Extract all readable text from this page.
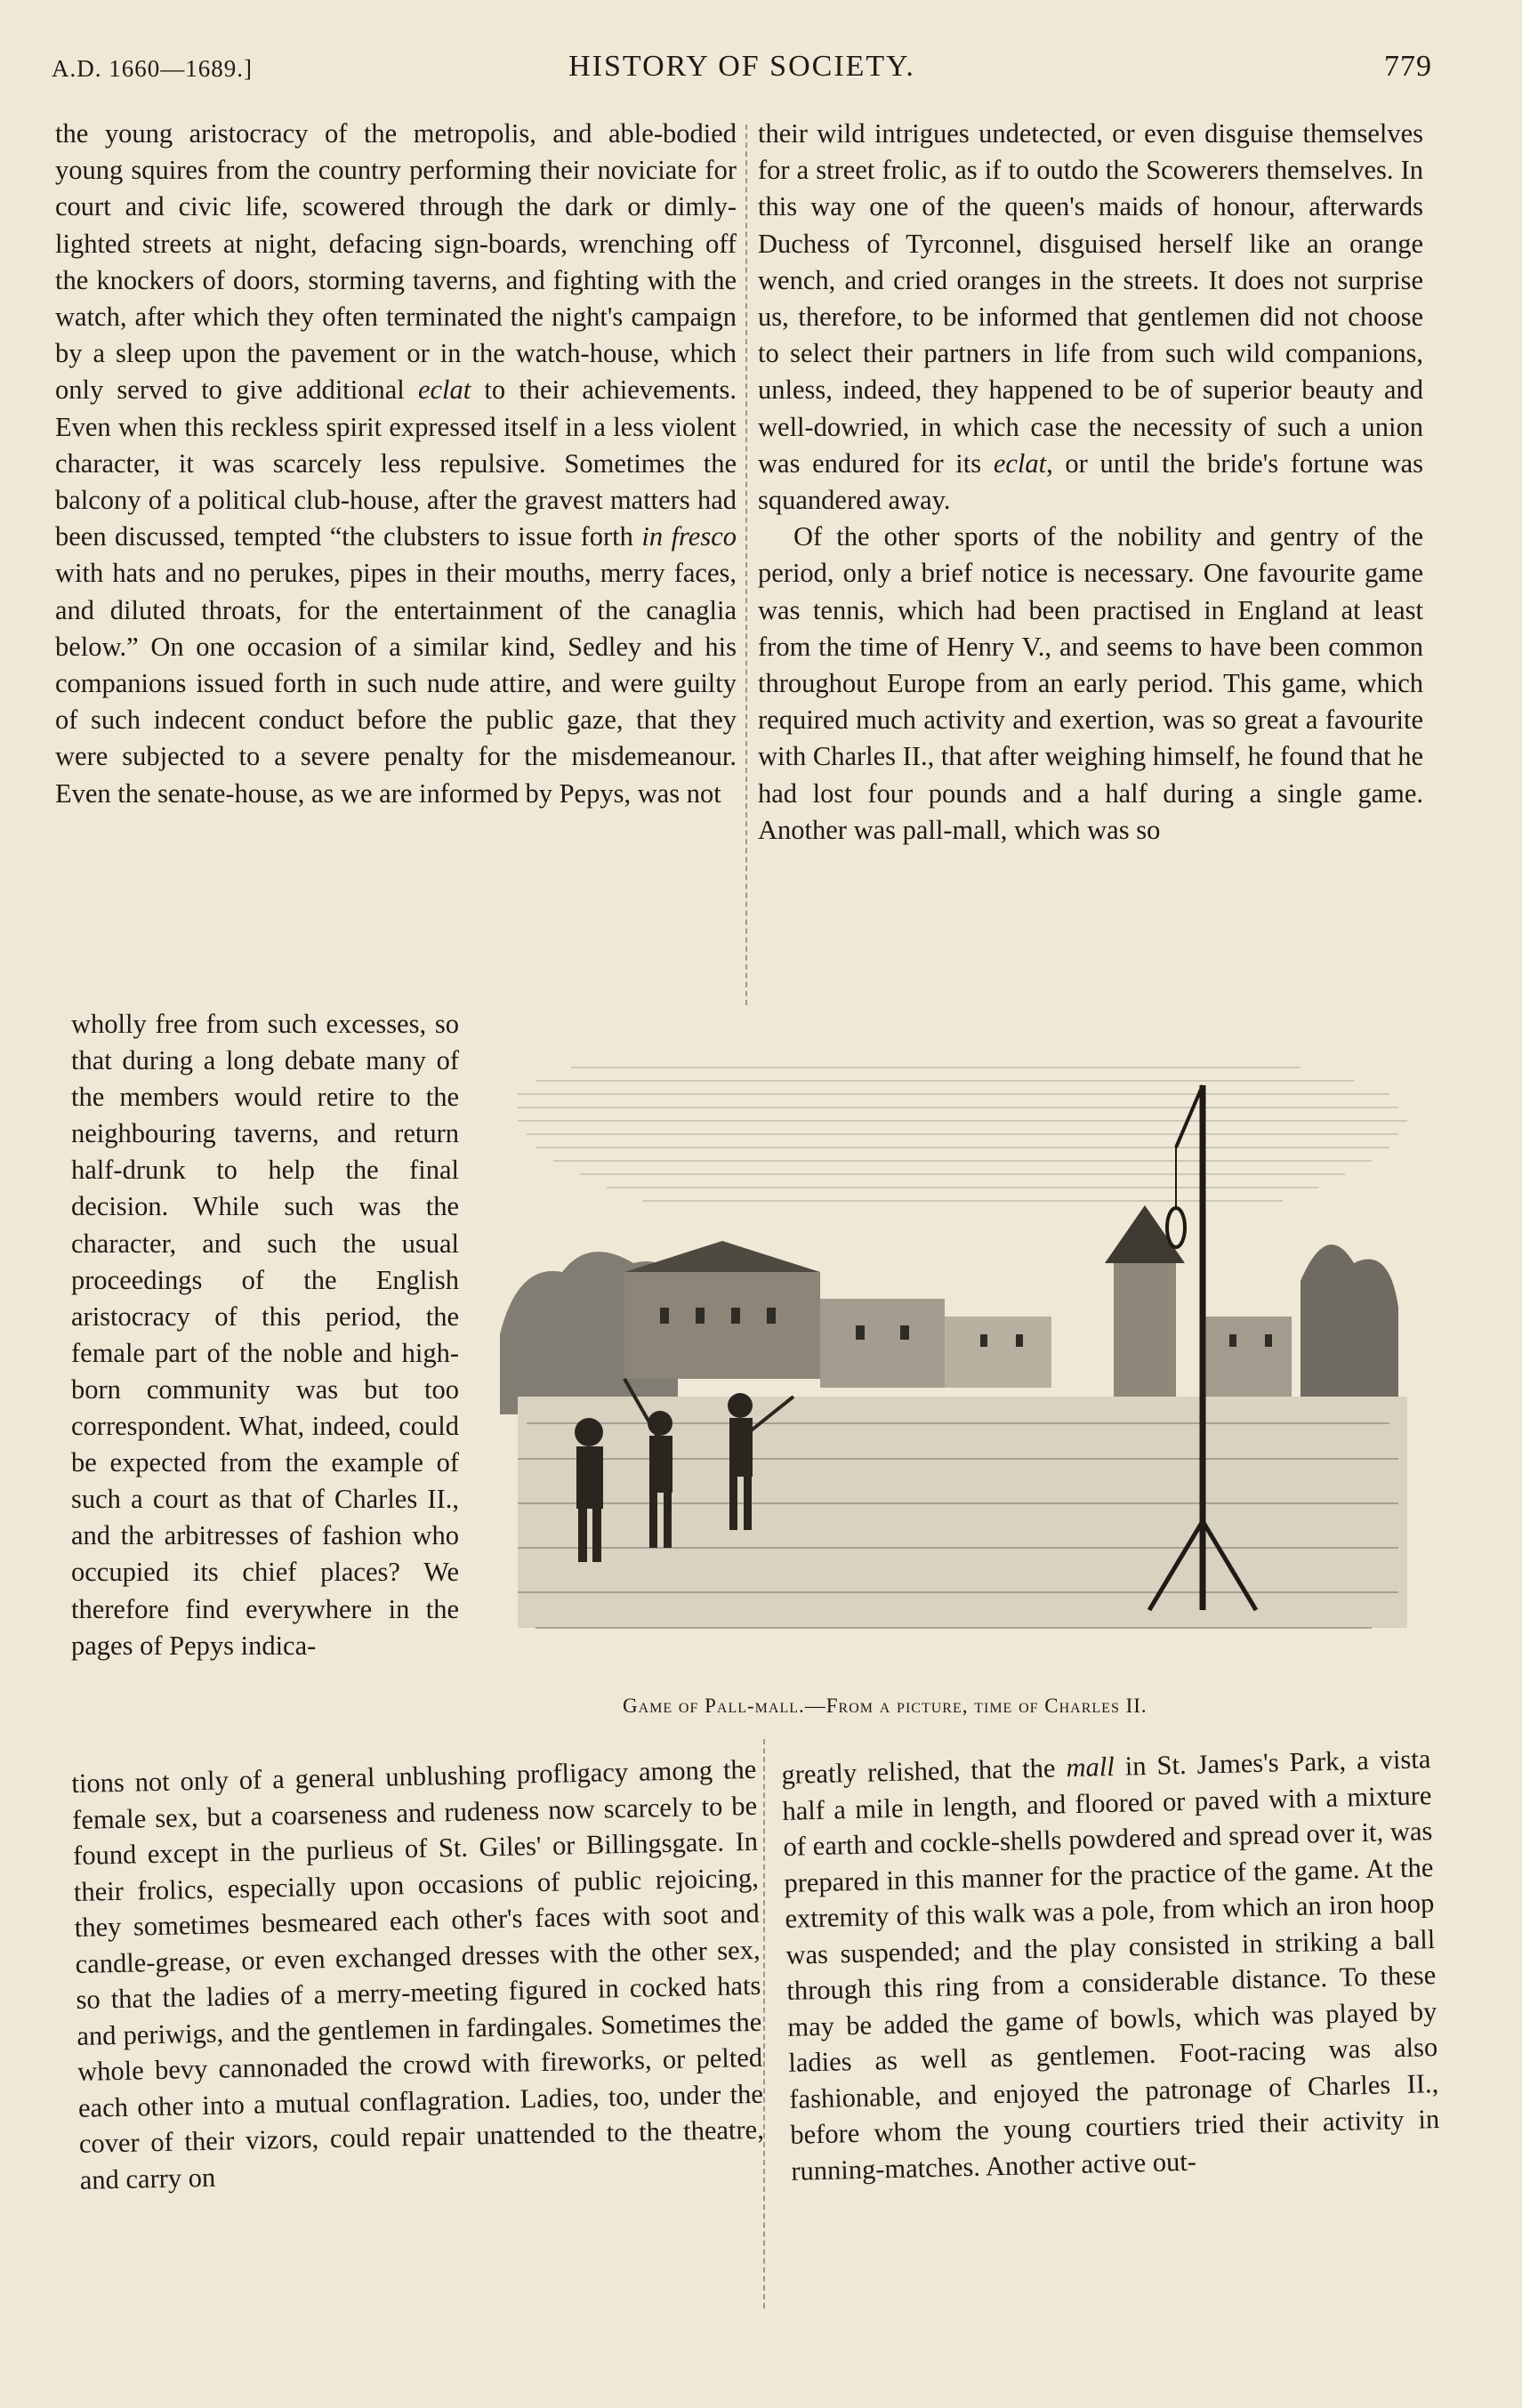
A.D. 1660—1689.]	HISTORY OF SOCIETY.	779

the young aristocracy of the metropolis, and able-bodied young squires from the country performing their noviciate for court and civic life, scowered through the dark or dimly-lighted streets at night, defacing sign-boards, wrenching off the knockers of doors, storming taverns, and fighting with the watch, after which they often terminated the night's campaign by a sleep upon the pavement or in the watch-house, which only served to give additional eclat to their achievements. Even when this reckless spirit expressed itself in a less violent character, it was scarcely less repulsive. Sometimes the balcony of a political club-house, after the gravest matters had been discussed, tempted “the clubsters to issue forth in fresco with hats and no perukes, pipes in their mouths, merry faces, and diluted throats, for the entertainment of the canaglia below.” On one occasion of a similar kind, Sedley and his companions issued forth in such nude attire, and were guilty of such indecent conduct before the public gaze, that they were subjected to a severe penalty for the misdemeanour. Even the senate-house, as we are informed by Pepys, was not

their wild intrigues undetected, or even disguise themselves for a street frolic, as if to outdo the Scowerers themselves. In this way one of the queen's maids of honour, afterwards Duchess of Tyrconnel, disguised herself like an orange wench, and cried oranges in the streets. It does not surprise us, therefore, to be informed that gentlemen did not choose to select their partners in life from such wild companions, unless, indeed, they happened to be of superior beauty and well-dowried, in which case the necessity of such a union was endured for its eclat, or until the bride's fortune was squandered away.

Of the other sports of the nobility and gentry of the period, only a brief notice is necessary. One favourite game was tennis, which had been practised in England at least from the time of Henry V., and seems to have been common throughout Europe from an early period. This game, which required much activity and exertion, was so great a favourite with Charles II., that after weighing himself, he found that he had lost four pounds and a half during a single game. Another was pall-mall, which was so

wholly free from such excesses, so that during a long debate many of the members would retire to the neighbouring taverns, and return half-drunk to help the final decision. While such was the character, and such the usual proceedings of the English aristocracy of this period, the female part of the noble and high-born community was but too correspondent. What, indeed, could be expected from the example of such a court as that of Charles II., and the arbitresses of fashion who occupied its chief places? We therefore find everywhere in the pages of Pepys indica-

Game of Pall-mall.—From a picture, time of Charles II.

tions not only of a general unblushing profligacy among the female sex, but a coarseness and rudeness now scarcely to be found except in the purlieus of St. Giles' or Billingsgate. In their frolics, especially upon occasions of public rejoicing, they sometimes besmeared each other's faces with soot and candle-grease, or even exchanged dresses with the other sex, so that the ladies of a merry-meeting figured in cocked hats and periwigs, and the gentlemen in fardingales. Sometimes the whole bevy cannonaded the crowd with fireworks, or pelted each other into a mutual conflagration. Ladies, too, under the cover of their vizors, could repair unattended to the theatre, and carry on

greatly relished, that the mall in St. James's Park, a vista half a mile in length, and floored or paved with a mixture of earth and cockle-shells powdered and spread over it, was prepared in this manner for the practice of the game. At the extremity of this walk was a pole, from which an iron hoop was suspended; and the play consisted in striking a ball through this ring from a considerable distance. To these may be added the game of bowls, which was played by ladies as well as gentlemen. Foot-racing was also fashionable, and enjoyed the patronage of Charles II., before whom the young courtiers tried their activity in running-matches. Another active out-
